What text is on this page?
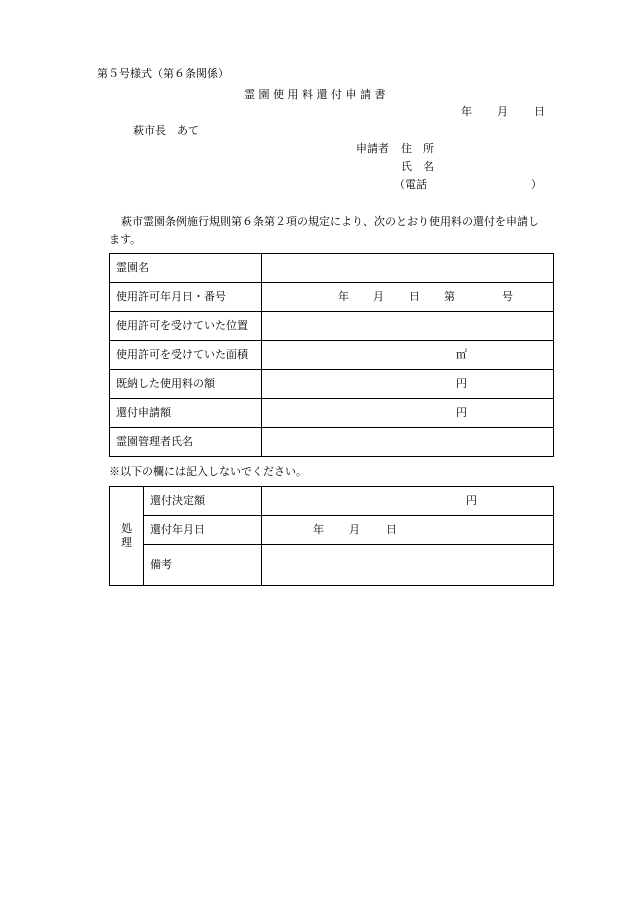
第５号様式（第６条関係）
霊 園 使 用 料 還 付 申 請 書
年 月 日
萩市長　あて
申請者 住　所
氏　名
（電話	）
萩市霊園条例施行規則第６条第２項の規定により、次のとおり使用料の還付を申請し
ます。
霊園名	
使用許可年月日・番号	年 月 日 第 号

使用許可を受けていた位置	
使用許可を受けていた面積	㎡

既納した使用料の額	円

還付申請額	円

霊園管理者氏名	
※以下の欄には記入しないでください。
処
理	還付決定額	円

	還付年月日	年 月 日

	備考	
